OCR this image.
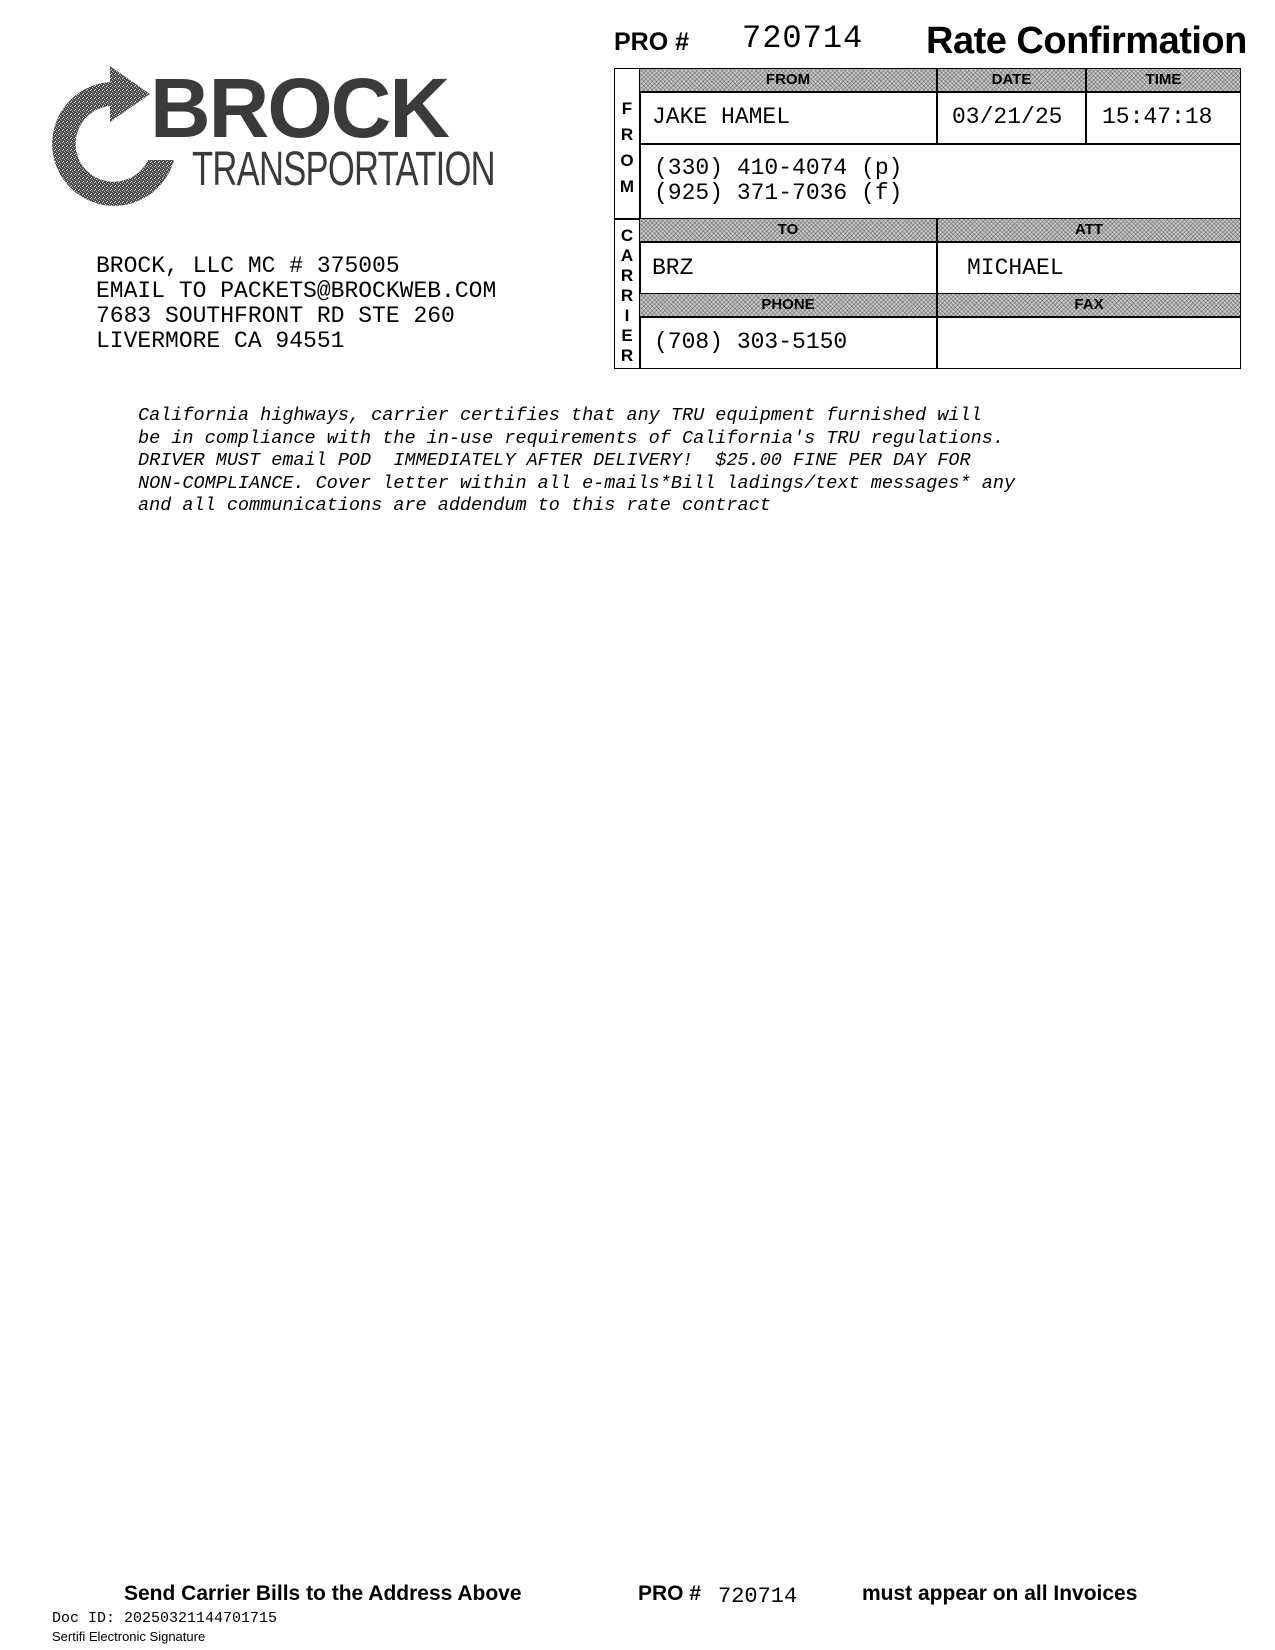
PRO # 720714 Rate Confirmation
BROCK
TRANSPORTATION
BROCK, LLC MC # 375005
EMAIL TO PACKETS@BROCKWEB.COM
7683 SOUTHFRONT RD STE 260
LIVERMORE CA 94551
F
R
O
M
FROM	DATE	TIME
JAKE HAMEL	03/21/25 15:47:18
(330) 410-4074 (p)
(925) 371-7036 (f)
C
A
R
R
I
E
R
TO	ATT
BRZ	MICHAEL
PHONE	FAX
(708) 303-5150
California highways, carrier certifies that any TRU equipment furnished will
be in compliance with the in-use requirements of California's TRU regulations.
DRIVER MUST email POD  IMMEDIATELY AFTER DELIVERY!  $25.00 FINE PER DAY FOR
NON-COMPLIANCE. Cover letter within all e-mails*Bill ladings/text messages* any
and all communications are addendum to this rate contract
Send Carrier Bills to the Address Above	PRO # 720714	must appear on all Invoices
Doc ID: 20250321144701715
Sertifi Electronic Signature
